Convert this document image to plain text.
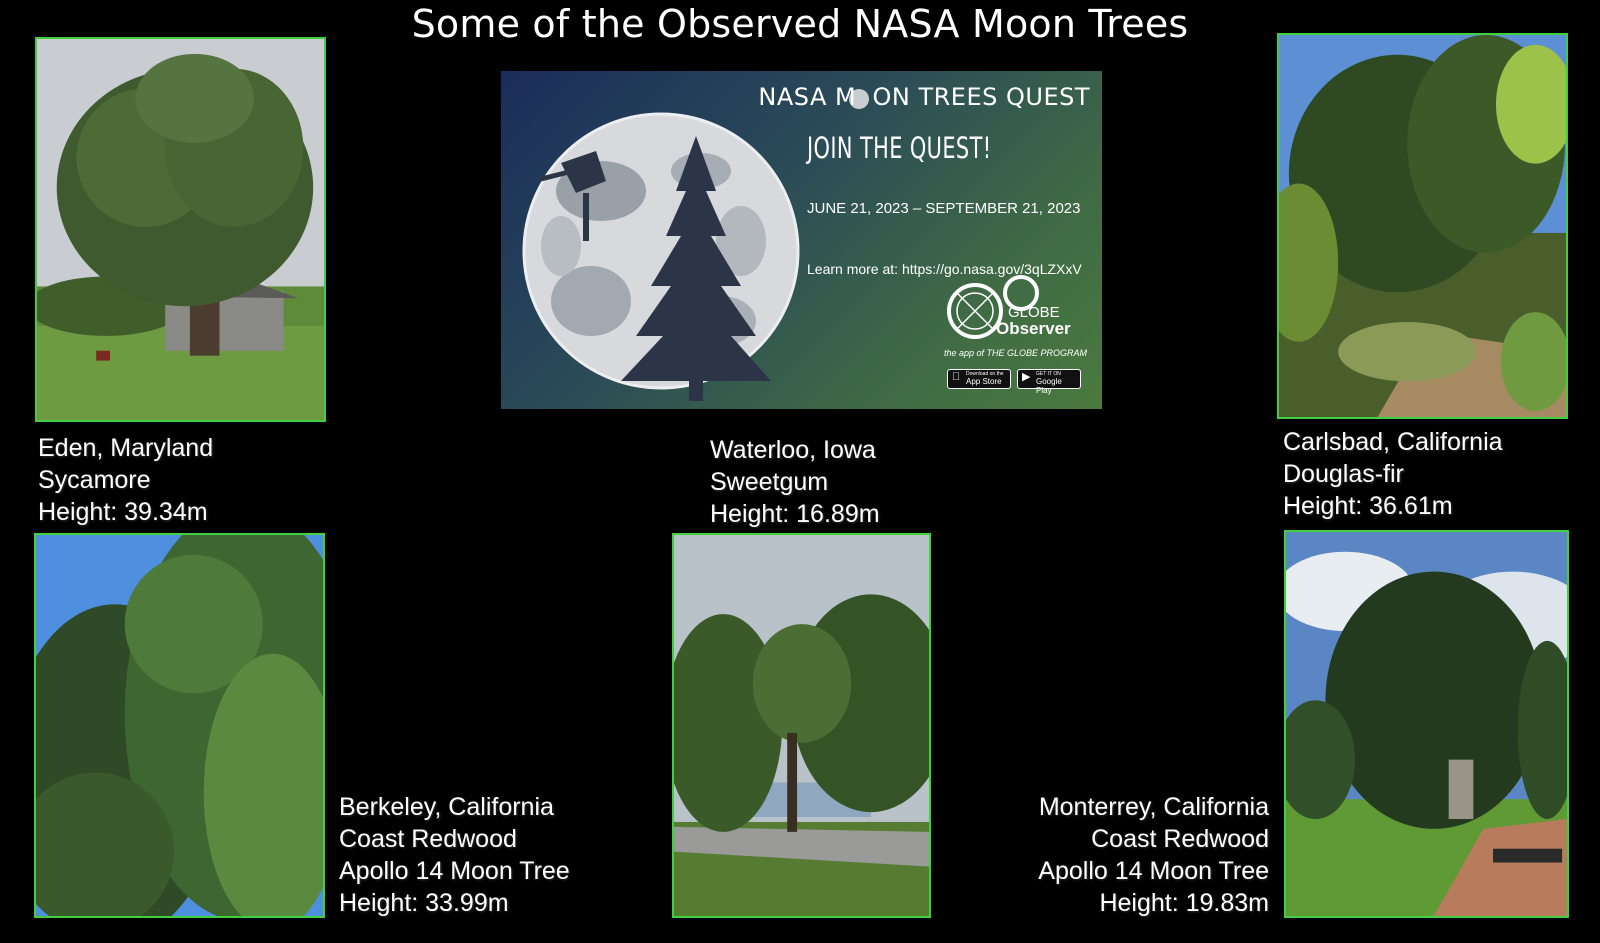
Some of the Observed NASA Moon Trees
Eden, Maryland
Sycamore
Height: 39.34m
NASA M​  ON TREES QUEST
JOIN THE QUEST!
JUNE 21, 2023 – SEPTEMBER 21, 2023
Learn more at: https://go.nasa.gov/3qLZXxV
GLOBE
Observer
the app of THE GLOBE PROGRAM
Download on the
App Store	▶ GET IT ON
Google Play
Waterloo, Iowa
Sweetgum
Height: 16.89m
Carlsbad, California
Douglas-fir
Height: 36.61m
Berkeley, California
Coast Redwood
Apollo 14 Moon Tree
Height: 33.99m
Monterrey, California
Coast Redwood
Apollo 14 Moon Tree
Height: 19.83m
